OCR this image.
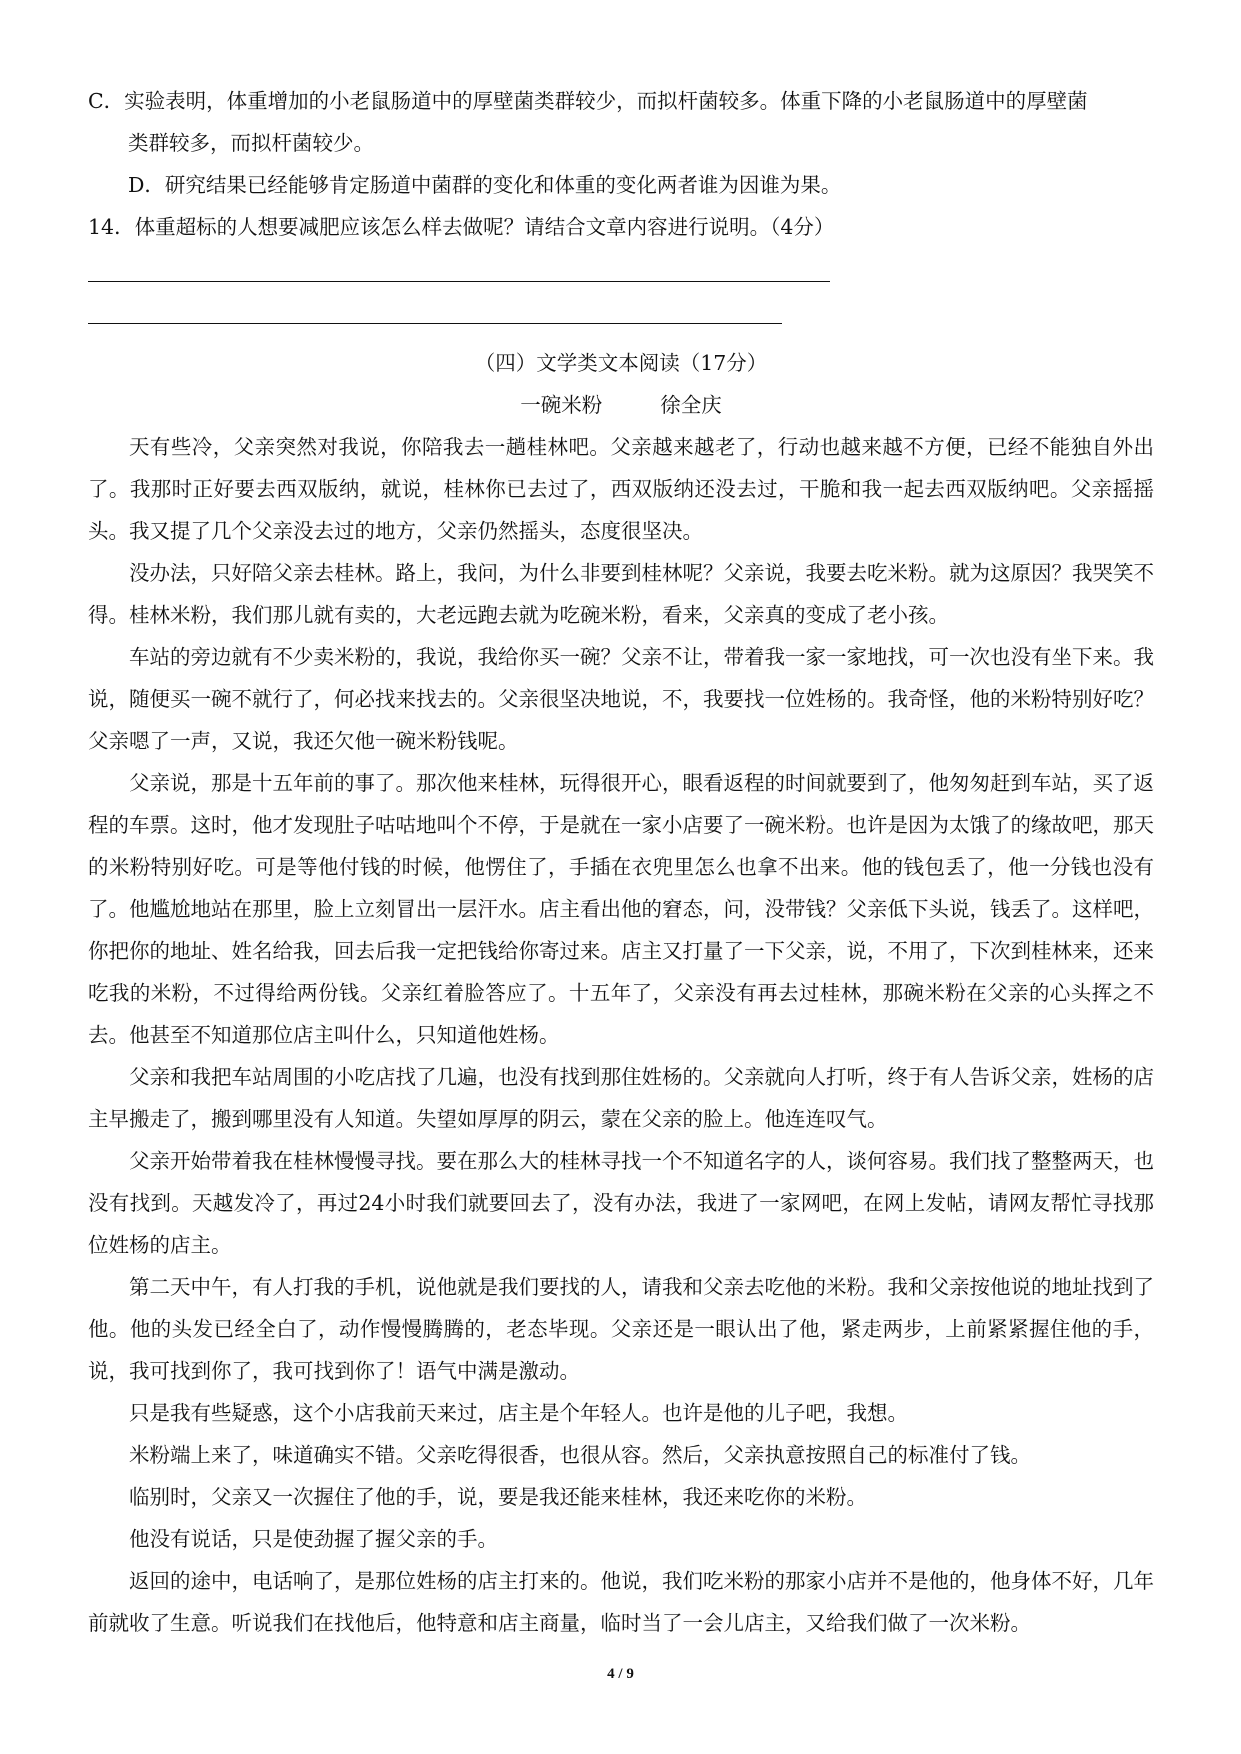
C．实验表明，体重增加的小老鼠肠道中的厚壁菌类群较少，而拟杆菌较多。体重下降的小老鼠肠道中的厚壁菌
类群较多，而拟杆菌较少。

D．研究结果已经能够肯定肠道中菌群的变化和体重的变化两者谁为因谁为果。

14．体重超标的人想要减肥应该怎么样去做呢？请结合文章内容进行说明。（4分）

（四）文学类文本阅读（17分）

一碗米粉	徐全庆

天有些冷，父亲突然对我说，你陪我去一趟桂林吧。父亲越来越老了，行动也越来越不方便，已经不能独自外出了。我那时正好要去西双版纳，就说，桂林你已去过了，西双版纳还没去过，干脆和我一起去西双版纳吧。父亲摇摇头。我又提了几个父亲没去过的地方，父亲仍然摇头，态度很坚决。

没办法，只好陪父亲去桂林。路上，我问，为什么非要到桂林呢？父亲说，我要去吃米粉。就为这原因？我哭笑不得。桂林米粉，我们那儿就有卖的，大老远跑去就为吃碗米粉，看来，父亲真的变成了老小孩。

车站的旁边就有不少卖米粉的，我说，我给你买一碗？父亲不让，带着我一家一家地找，可一次也没有坐下来。我说，随便买一碗不就行了，何必找来找去的。父亲很坚决地说，不，我要找一位姓杨的。我奇怪，他的米粉特别好吃？父亲嗯了一声，又说，我还欠他一碗米粉钱呢。

父亲说，那是十五年前的事了。那次他来桂林，玩得很开心，眼看返程的时间就要到了，他匆匆赶到车站，买了返程的车票。这时，他才发现肚子咕咕地叫个不停，于是就在一家小店要了一碗米粉。也许是因为太饿了的缘故吧，那天的米粉特别好吃。可是等他付钱的时候，他愣住了，手插在衣兜里怎么也拿不出来。他的钱包丢了，他一分钱也没有了。他尴尬地站在那里，脸上立刻冒出一层汗水。店主看出他的窘态，问，没带钱？父亲低下头说，钱丢了。这样吧，你把你的地址、姓名给我，回去后我一定把钱给你寄过来。店主又打量了一下父亲，说，不用了，下次到桂林来，还来吃我的米粉，不过得给两份钱。父亲红着脸答应了。十五年了，父亲没有再去过桂林，那碗米粉在父亲的心头挥之不去。他甚至不知道那位店主叫什么，只知道他姓杨。

父亲和我把车站周围的小吃店找了几遍，也没有找到那住姓杨的。父亲就向人打听，终于有人告诉父亲，姓杨的店主早搬走了，搬到哪里没有人知道。失望如厚厚的阴云，蒙在父亲的脸上。他连连叹气。

父亲开始带着我在桂林慢慢寻找。要在那么大的桂林寻找一个不知道名字的人，谈何容易。我们找了整整两天，也没有找到。天越发冷了，再过24小时我们就要回去了，没有办法，我进了一家网吧，在网上发帖，请网友帮忙寻找那位姓杨的店主。

第二天中午，有人打我的手机，说他就是我们要找的人，请我和父亲去吃他的米粉。我和父亲按他说的地址找到了他。他的头发已经全白了，动作慢慢腾腾的，老态毕现。父亲还是一眼认出了他，紧走两步，上前紧紧握住他的手，说，我可找到你了，我可找到你了！语气中满是激动。

只是我有些疑惑，这个小店我前天来过，店主是个年轻人。也许是他的儿子吧，我想。

米粉端上来了，味道确实不错。父亲吃得很香，也很从容。然后，父亲执意按照自己的标准付了钱。

临别时，父亲又一次握住了他的手，说，要是我还能来桂林，我还来吃你的米粉。

他没有说话，只是使劲握了握父亲的手。

返回的途中，电话响了，是那位姓杨的店主打来的。他说，我们吃米粉的那家小店并不是他的，他身体不好，几年前就收了生意。听说我们在找他后，他特意和店主商量，临时当了一会儿店主，又给我们做了一次米粉。

4 / 9
